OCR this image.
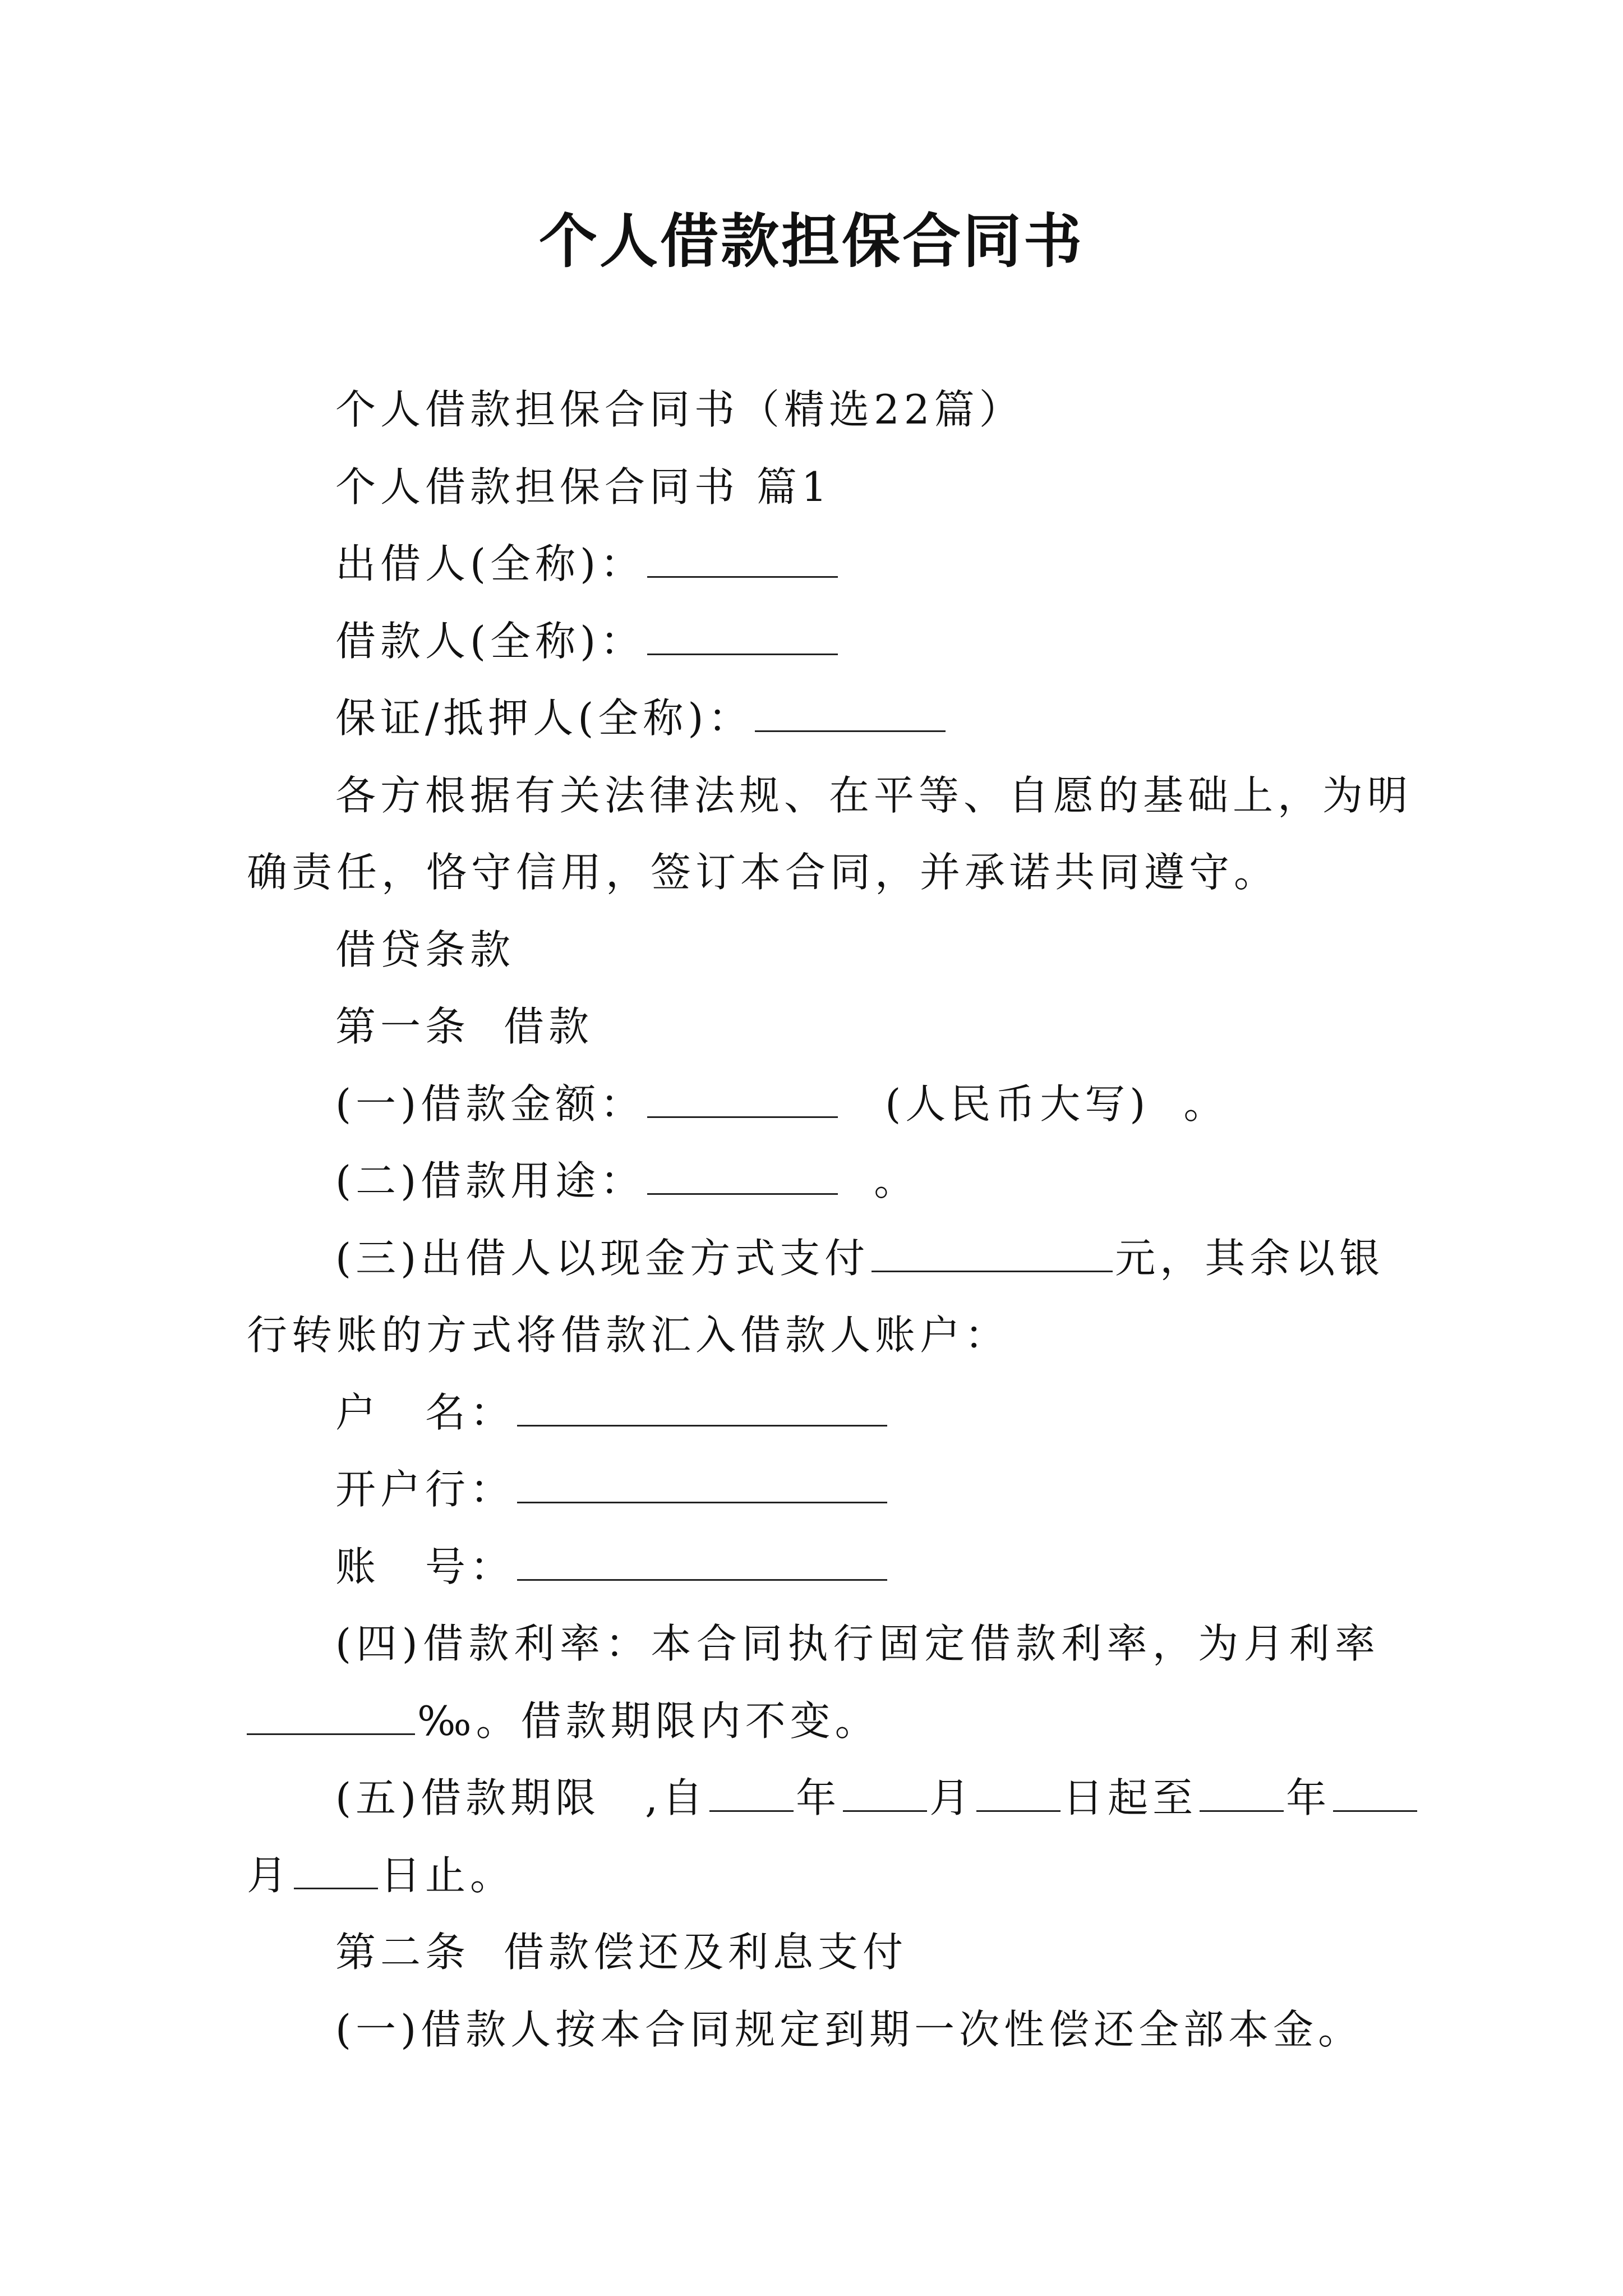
个人借款担保合同书
个人借款担保合同书（精选22篇）
个人借款担保合同书 篇1
出借人(全称)：
借款人(全称)：
保证/抵押人(全称)：
各方根据有关法律法规、在平等、自愿的基础上，为明
确责任，恪守信用，签订本合同，并承诺共同遵守。
借贷条款
第一条 借款
(一)借款金额：	(人民币大写) 。
(二)借款用途：	。
(三)出借人以现金方式支付	元，其余以银
行转账的方式将借款汇入借款人账户：
户　名：
开户行：
账　号：
(四)借款利率：本合同执行固定借款利率，为月利率
‰。借款期限内不变。
(五)借款期限　,自 年 月 日起至 年
月 日止。
第二条 借款偿还及利息支付
(一)借款人按本合同规定到期一次性偿还全部本金。
